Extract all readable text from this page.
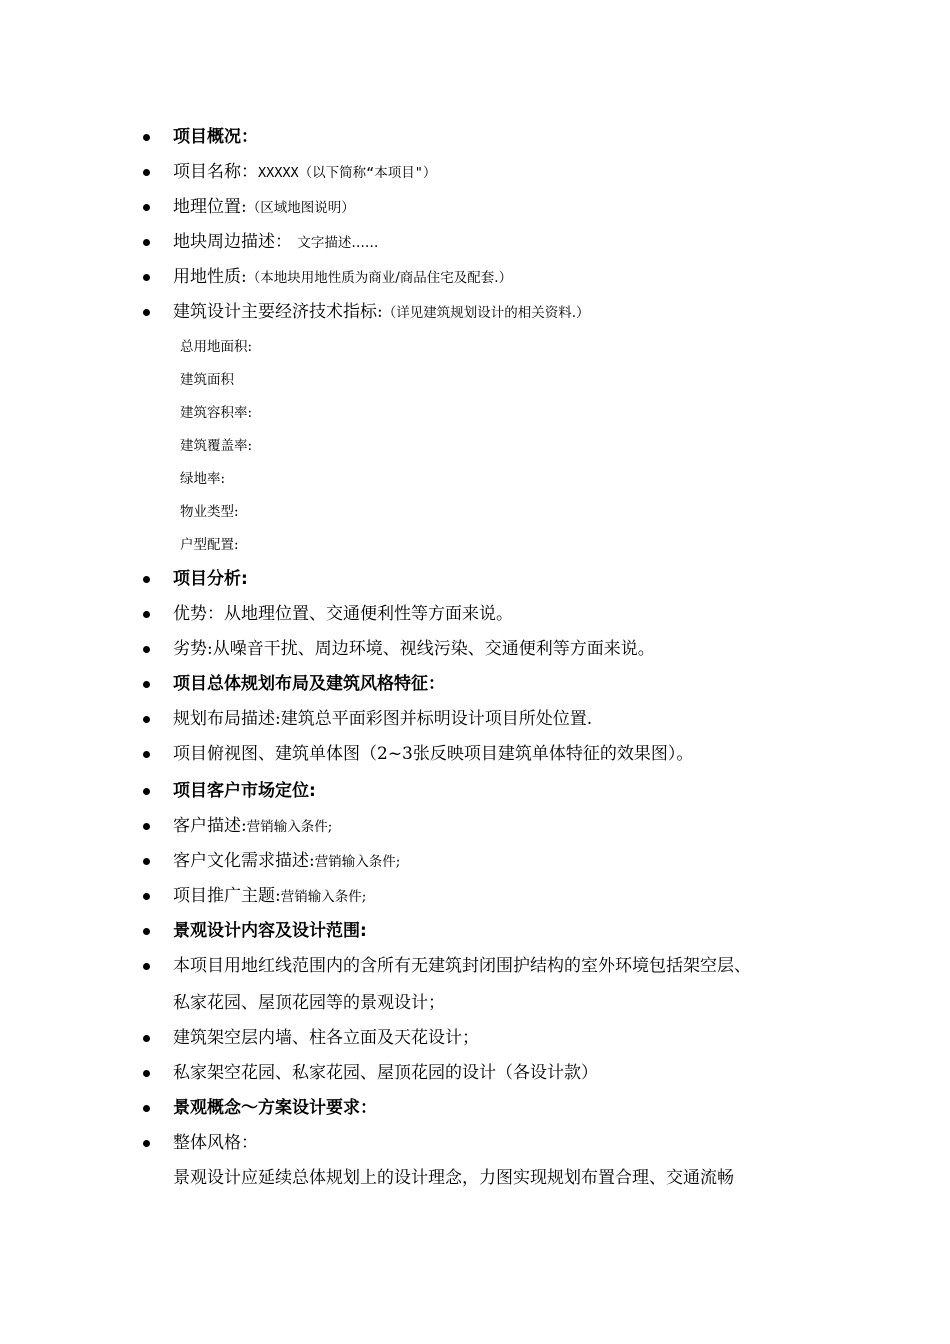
项目概况：
项目名称：XXXXX（以下简称“本项目"）
地理位置:（区域地图说明）
地块周边描述： 文字描述……
用地性质:（本地块用地性质为商业/商品住宅及配套.）
建筑设计主要经济技术指标:（详见建筑规划设计的相关资料.）
总用地面积:
建筑面积
建筑容积率:
建筑覆盖率:
绿地率:
物业类型:
户型配置:
项目分析:
优势：从地理位置、交通便利性等方面来说。
劣势:从噪音干扰、周边环境、视线污染、交通便利等方面来说。
项目总体规划布局及建筑风格特征：
规划布局描述:建筑总平面彩图并标明设计项目所处位置.
项目俯视图、建筑单体图（2~3张反映项目建筑单体特征的效果图）。
项目客户市场定位:
客户描述:营销输入条件;
客户文化需求描述:营销输入条件;
项目推广主题:营销输入条件;
景观设计内容及设计范围:
本项目用地红线范围内的含所有无建筑封闭围护结构的室外环境包括架空层、
私家花园、屋顶花园等的景观设计；
建筑架空层内墙、柱各立面及天花设计；
私家架空花园、私家花园、屋顶花园的设计（各设计款）
景观概念～方案设计要求：
整体风格：
景观设计应延续总体规划上的设计理念，力图实现规划布置合理、交通流畅
